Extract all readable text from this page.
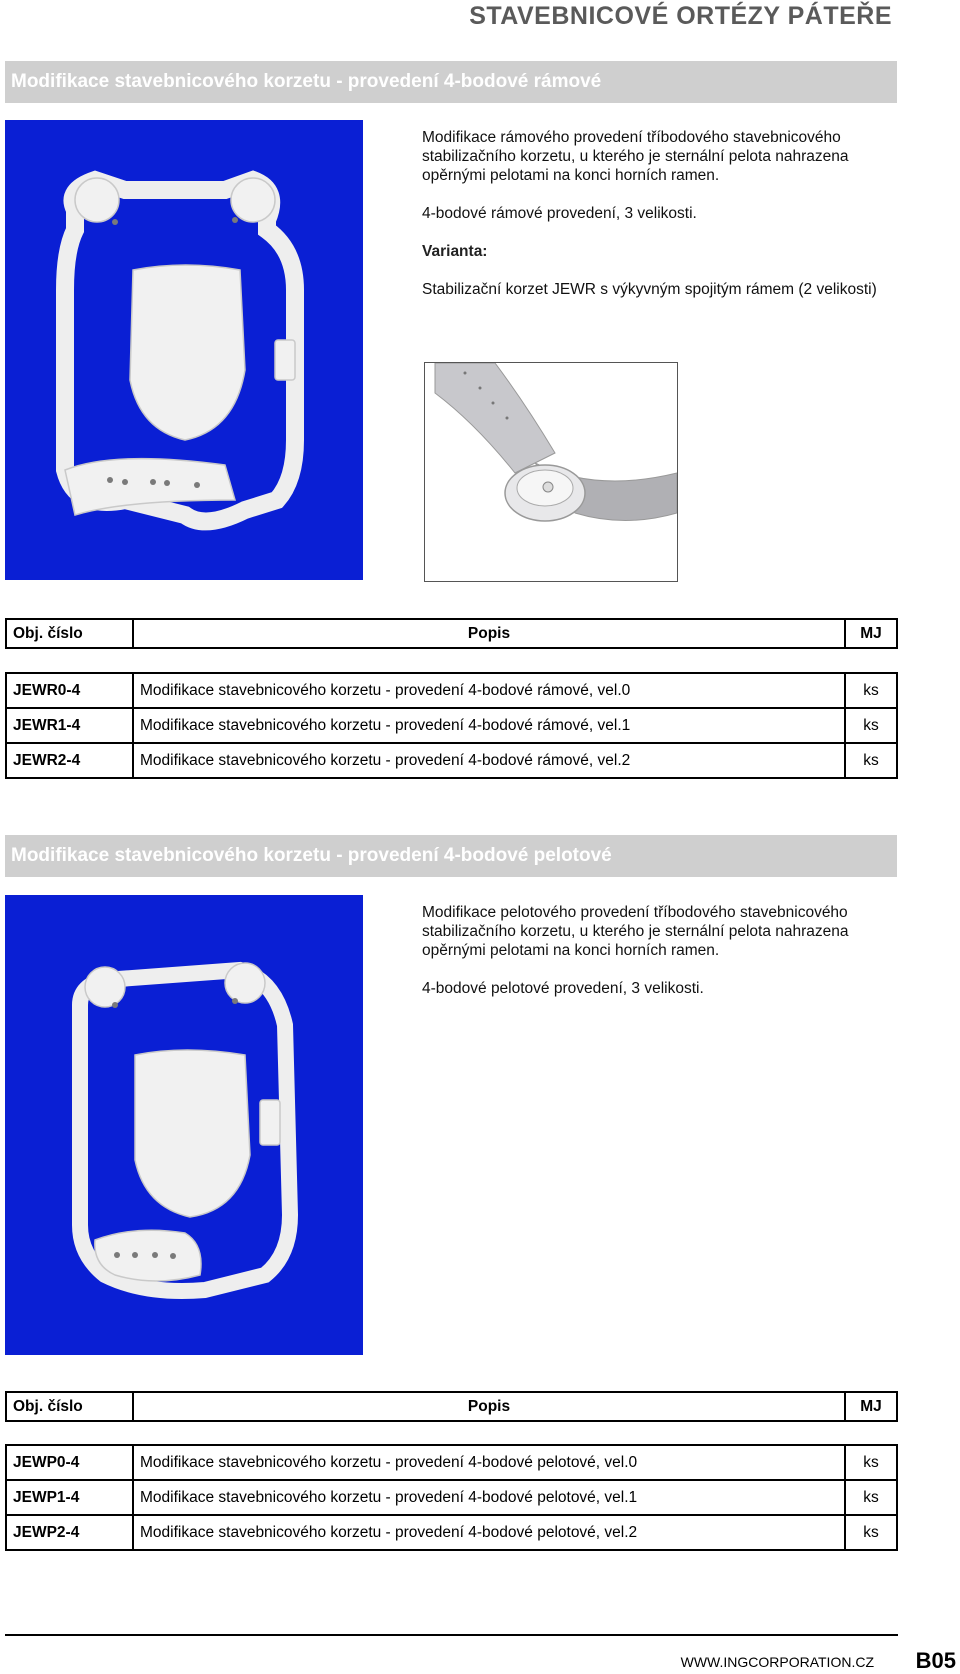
STAVEBNICOVÉ ORTÉZY PÁTEŘE
Modifikace stavebnicového korzetu - provedení 4-bodové rámové

Modifikace rámového provedení tříbodového stavebnicového stabilizačního korzetu, u kterého je sternální pelota nahrazena opěrnými pelotami na konci horních ramen.

4-bodové rámové provedení, 3 velikosti.

Varianta:

Stabilizační korzet JEWR s výkyvným spojitým rámem (2 velikosti)

Obj. číslo	Popis	MJ
JEWR0-4	Modifikace stavebnicového korzetu - provedení 4-bodové rámové, vel.0	ks
JEWR1-4	Modifikace stavebnicového korzetu - provedení 4-bodové rámové, vel.1	ks
JEWR2-4	Modifikace stavebnicového korzetu - provedení 4-bodové rámové, vel.2	ks
Modifikace stavebnicového korzetu - provedení 4-bodové pelotové

Modifikace pelotového provedení tříbodového stavebnicového stabilizačního korzetu, u kterého je sternální pelota nahrazena opěrnými pelotami na konci horních ramen.

4-bodové pelotové provedení, 3 velikosti.

Obj. číslo	Popis	MJ
JEWP0-4	Modifikace stavebnicového korzetu - provedení 4-bodové pelotové, vel.0	ks
JEWP1-4	Modifikace stavebnicového korzetu - provedení 4-bodové pelotové, vel.1	ks
JEWP2-4	Modifikace stavebnicového korzetu - provedení 4-bodové pelotové, vel.2	ks
WWW.INGCORPORATION.CZ B05
